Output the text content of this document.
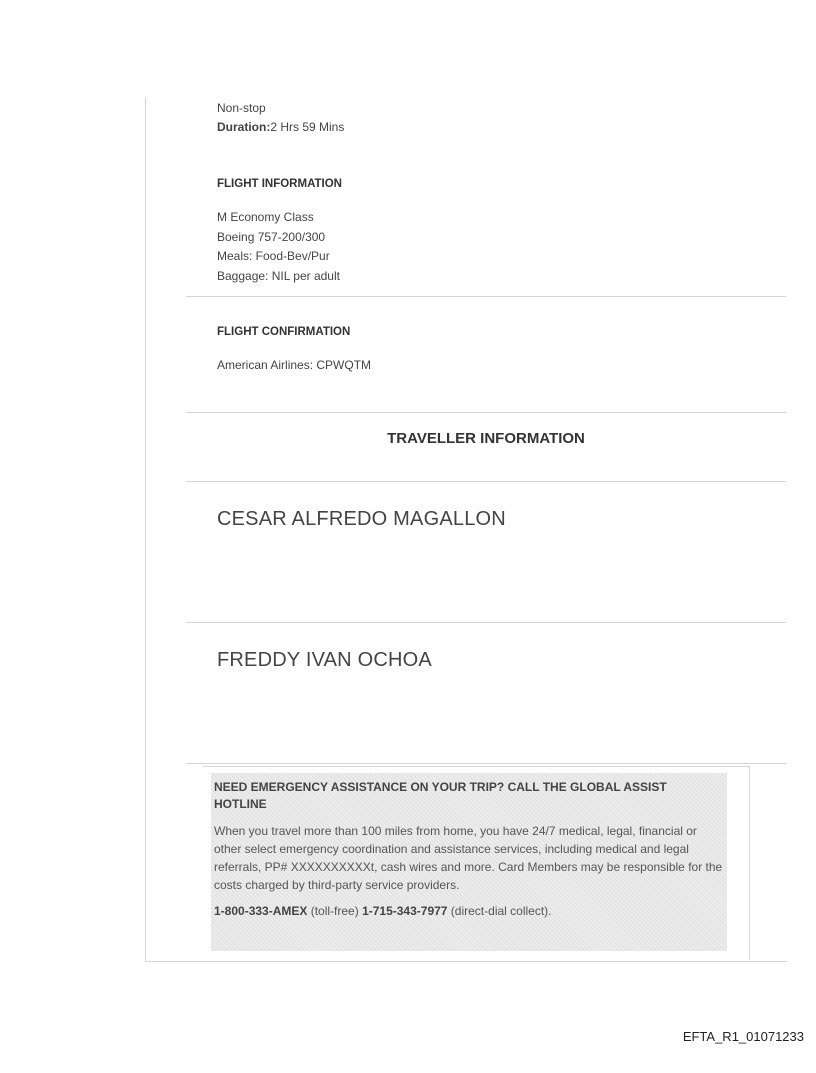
Non-stop
Duration:2 Hrs 59 Mins
FLIGHT INFORMATION
M Economy Class
Boeing 757-200/300
Meals: Food-Bev/Pur
Baggage: NIL per adult
FLIGHT CONFIRMATION
American Airlines: CPWQTM
TRAVELLER INFORMATION
CESAR ALFREDO MAGALLON
FREDDY IVAN OCHOA
NEED EMERGENCY ASSISTANCE ON YOUR TRIP? CALL THE GLOBAL ASSIST HOTLINE
When you travel more than 100 miles from home, you have 24/7 medical, legal, financial or other select emergency coordination and assistance services, including medical and legal referrals, PP# XXXXXXXXXXt, cash wires and more. Card Members may be responsible for the costs charged by third-party service providers.
1-800-333-AMEX (toll-free) 1-715-343-7977 (direct-dial collect).
EFTA_R1_01071233
